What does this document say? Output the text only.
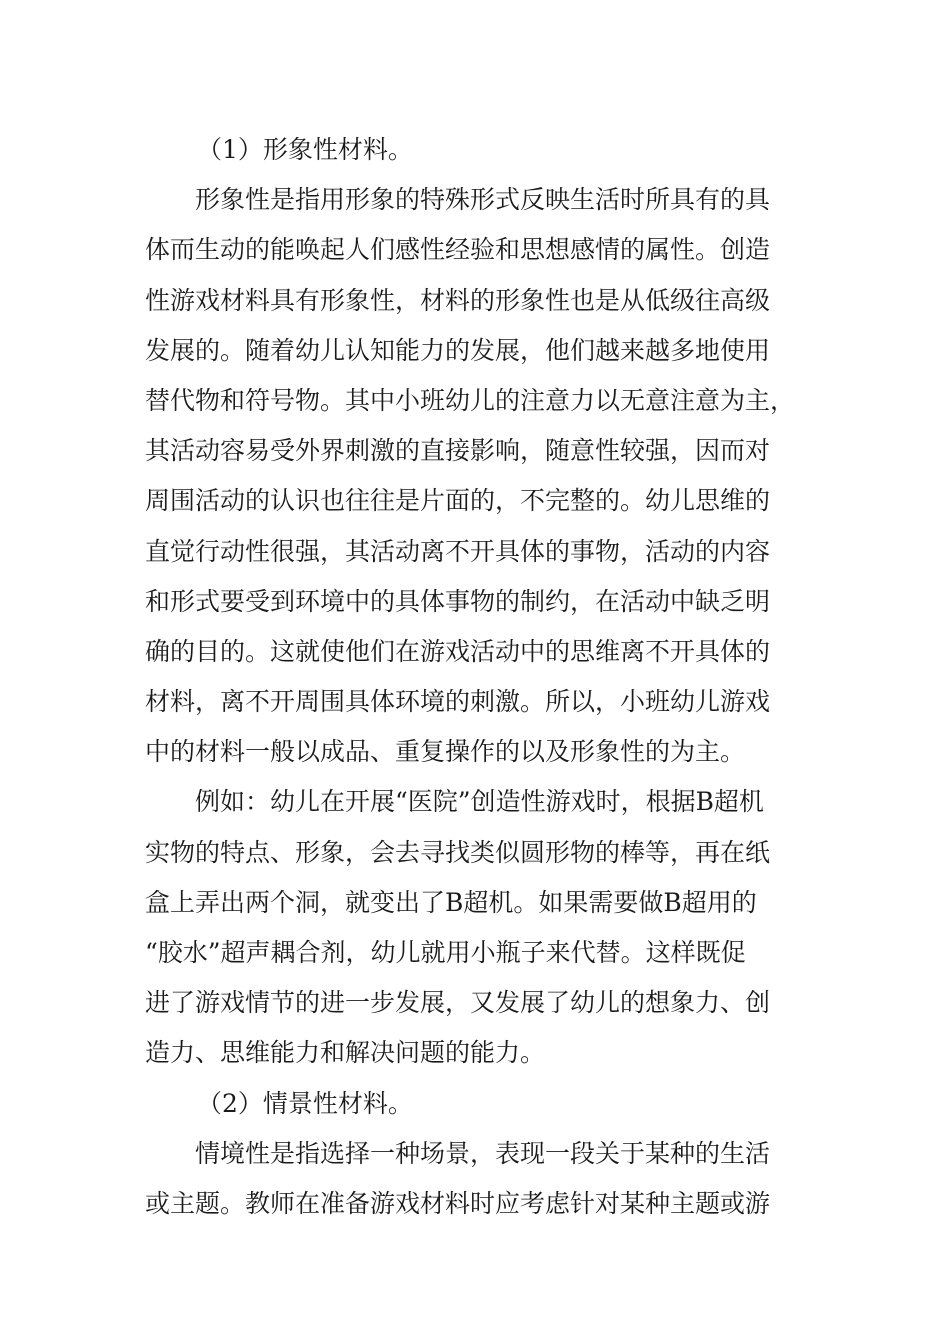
（1）形象性材料。
形象性是指用形象的特殊形式反映生活时所具有的具
体而生动的能唤起人们感性经验和思想感情的属性。创造
性游戏材料具有形象性，材料的形象性也是从低级往高级
发展的。随着幼儿认知能力的发展，他们越来越多地使用
替代物和符号物。其中小班幼儿的注意力以无意注意为主，
其活动容易受外界刺激的直接影响，随意性较强，因而对
周围活动的认识也往往是片面的，不完整的。幼儿思维的
直觉行动性很强，其活动离不开具体的事物，活动的内容
和形式要受到环境中的具体事物的制约，在活动中缺乏明
确的目的。这就使他们在游戏活动中的思维离不开具体的
材料，离不开周围具体环境的刺激。所以，小班幼儿游戏
中的材料一般以成品、重复操作的以及形象性的为主。
例如：幼儿在开展“医院”创造性游戏时，根据B超机
实物的特点、形象，会去寻找类似圆形物的棒等，再在纸
盒上弄出两个洞，就变出了B超机。如果需要做B超用的
“胶水”超声耦合剂，幼儿就用小瓶子来代替。这样既促
进了游戏情节的进一步发展，又发展了幼儿的想象力、创
造力、思维能力和解决问题的能力。
（2）情景性材料。
情境性是指选择一种场景，表现一段关于某种的生活
或主题。教师在准备游戏材料时应考虑针对某种主题或游
